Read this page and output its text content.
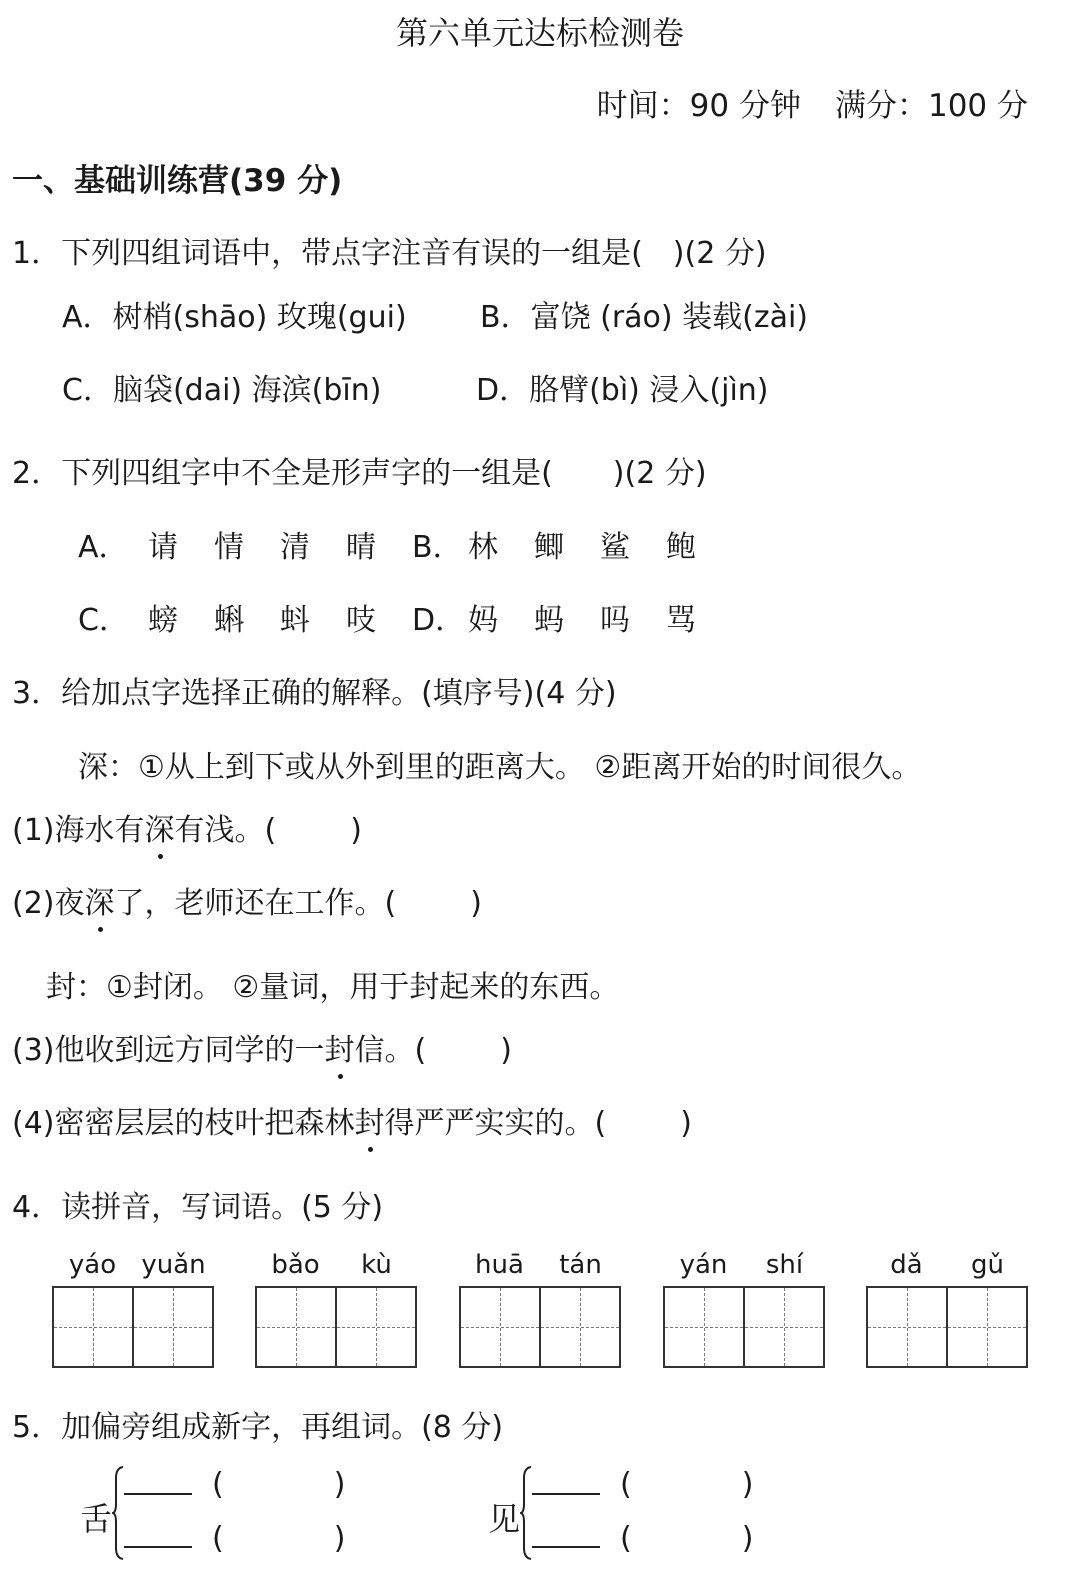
第六单元达标检测卷
时间：90 分钟 满分：100 分
一、基础训练营(39 分)
1．下列四组词语中，带点字注音有误的一组是(　)(2 分)
A．树梢(shāo) 玫瑰(gui) B．富饶 (ráo) 装载(zài)
C．脑袋(dai) 海滨(bīn)	D．胳臂(bì) 浸入(jìn)
2．下列四组字中不全是形声字的一组是(　　)(2 分)
A． 请 情 清 晴 B． 林 鲫 鲨 鲍
C． 螃 蝌 蚪 吱 D．妈 蚂 吗 骂
3．给加点字选择正确的解释。(填序号)(4 分)
深：①从上到下或从外到里的距离大。 ②距离开始的时间很久。
(1)海水有深有浅。( )
(2)夜深了，老师还在工作。( )
封：①封闭。 ②量词，用于封起来的东西。
(3)他收到远方同学的一封信。( )
(4)密密层层的枝叶把森林封得严严实实的。( )
4．读拼音，写词语。(5 分)
yáo yuǎn	bǎo	kù	huā	tán	yán	shí	dǎ	gǔ
5．加偏旁组成新字，再组词。(8 分)
舌
(	)
(	)
见
(	)
(	)
